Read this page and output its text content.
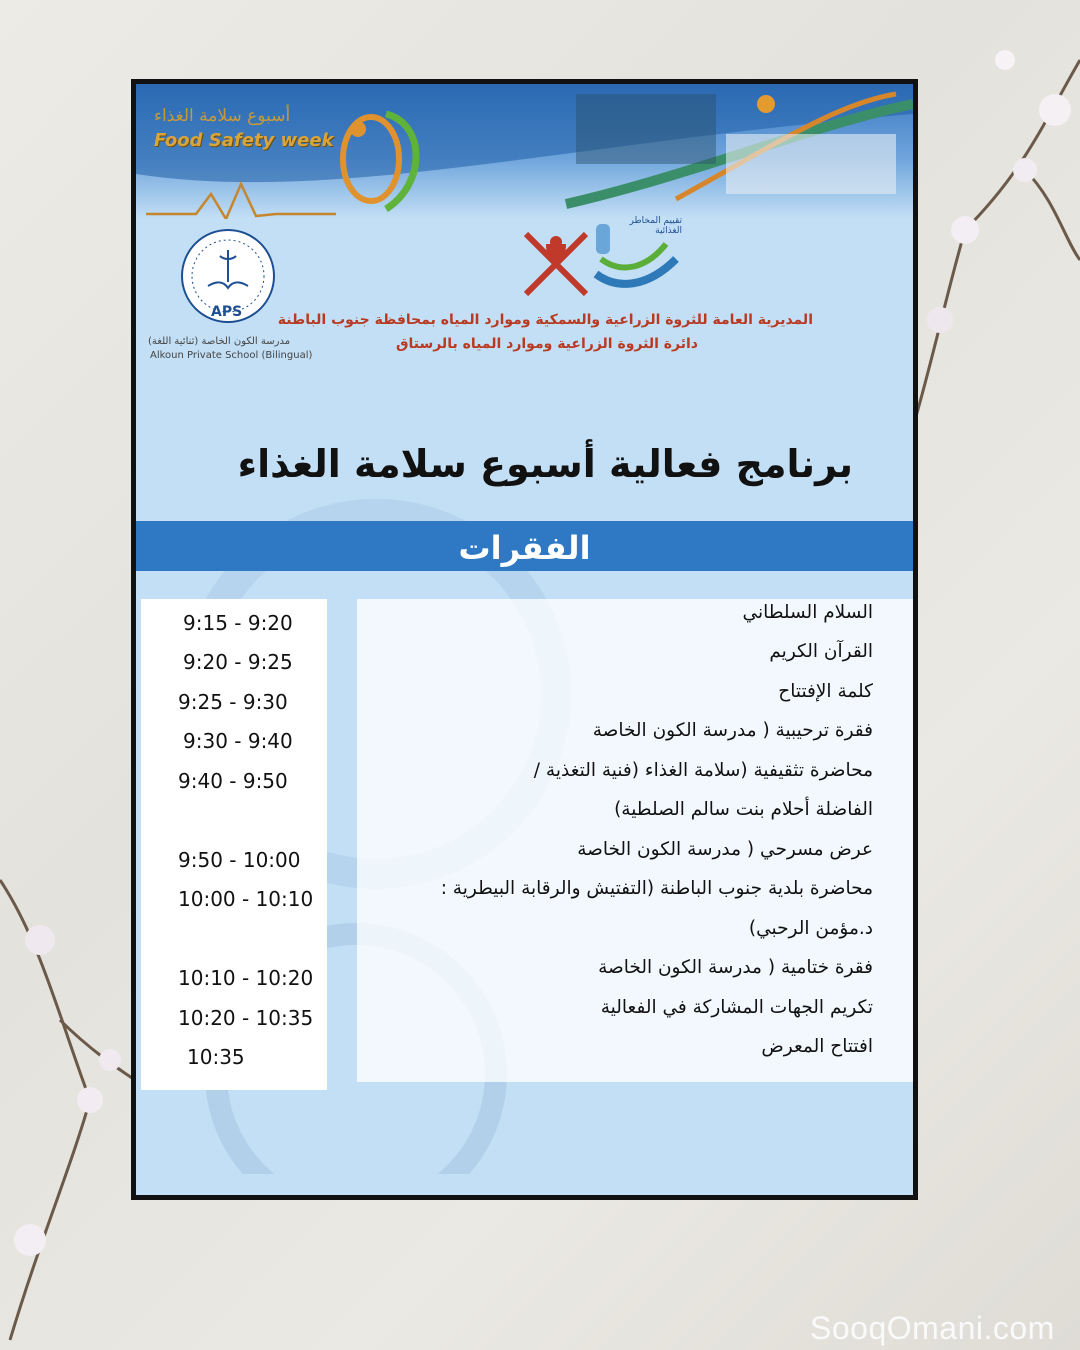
أسبوع سلامة الغذاء
Food Safety week
APS
مدرسة الكون الخاصة (ثنائية اللغة)
Alkoun Private School (Bilingual)
تقييم المخاطر الغذائية
المديرية العامة للثروة الزراعية والسمكية وموارد المياه بمحافظة جنوب الباطنة
دائرة الثروة الزراعية وموارد المياه بالرستاق
برنامج فعالية أسبوع سلامة الغذاء
الفقرات
السلام السلطاني
القرآن الكريم
كلمة الإفتتاح
فقرة ترحيبية ( مدرسة الكون الخاصة
محاضرة تثقيفية (سلامة الغذاء (فنية التغذية /
الفاضلة أحلام بنت سالم الصلطية)
عرض مسرحي ( مدرسة الكون الخاصة
محاضرة بلدية جنوب الباطنة (التفتيش والرقابة البيطرية :
د.مؤمن الرحبي)
فقرة ختامية ( مدرسة الكون الخاصة
تكريم الجهات المشاركة في الفعالية
افتتاح المعرض
9:15 - 9:20
9:20 - 9:25
9:25 - 9:30
9:30 - 9:40
9:40 - 9:50
9:50 - 10:00
10:00 - 10:10
10:10 - 10:20
10:20 - 10:35
10:35
SooqOmani.com
